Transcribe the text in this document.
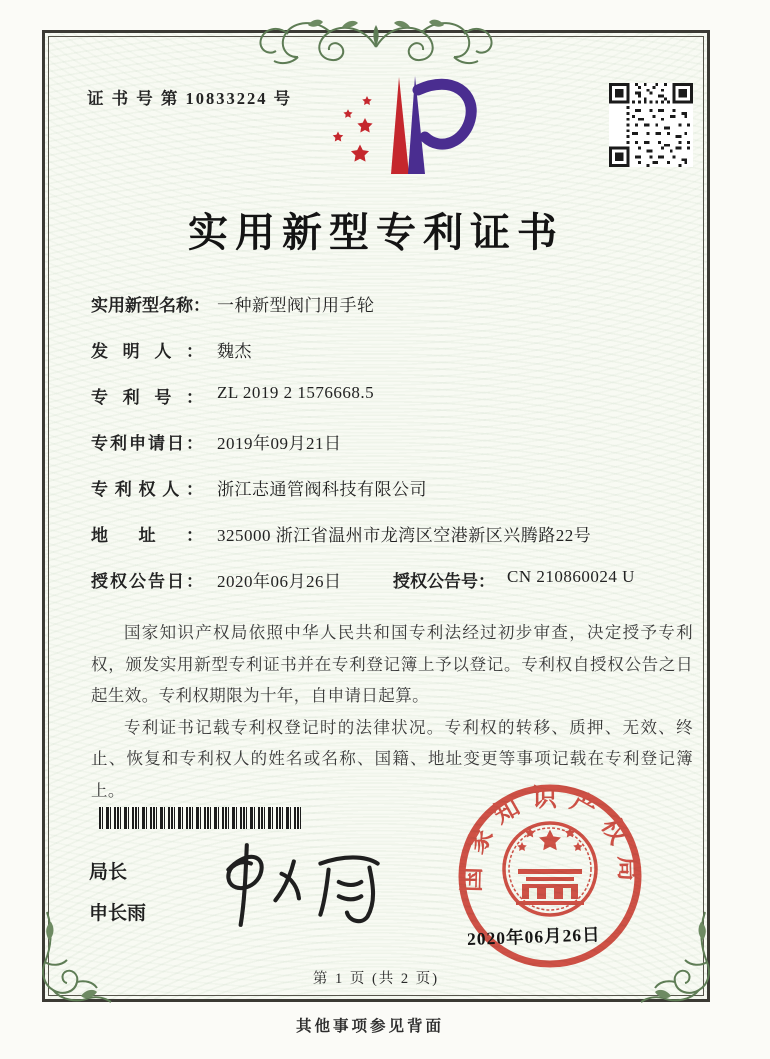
证 书 号 第 10833224 号
实用新型专利证书
实用新型名称： 一种新型阀门用手轮
发明人： 魏杰
专利号： ZL 2019 2 1576668.5
专利申请日： 2019年09月21日
专利权人： 浙江志通管阀科技有限公司
地址： 325000 浙江省温州市龙湾区空港新区兴腾路22号
授权公告日： 2020年06月26日	授权公告号： CN 210860024 U

国家知识产权局依照中华人民共和国专利法经过初步审查，决定授予专利权，颁发实用新型专利证书并在专利登记簿上予以登记。专利权自授权公告之日起生效。专利权期限为十年，自申请日起算。

专利证书记载专利权登记时的法律状况。专利权的转移、质押、无效、终止、恢复和专利权人的姓名或名称、国籍、地址变更等事项记载在专利登记簿上。

局长
申长雨
国家知识产权局
2020年06月26日
第 1 页 (共 2 页)
其他事项参见背面
